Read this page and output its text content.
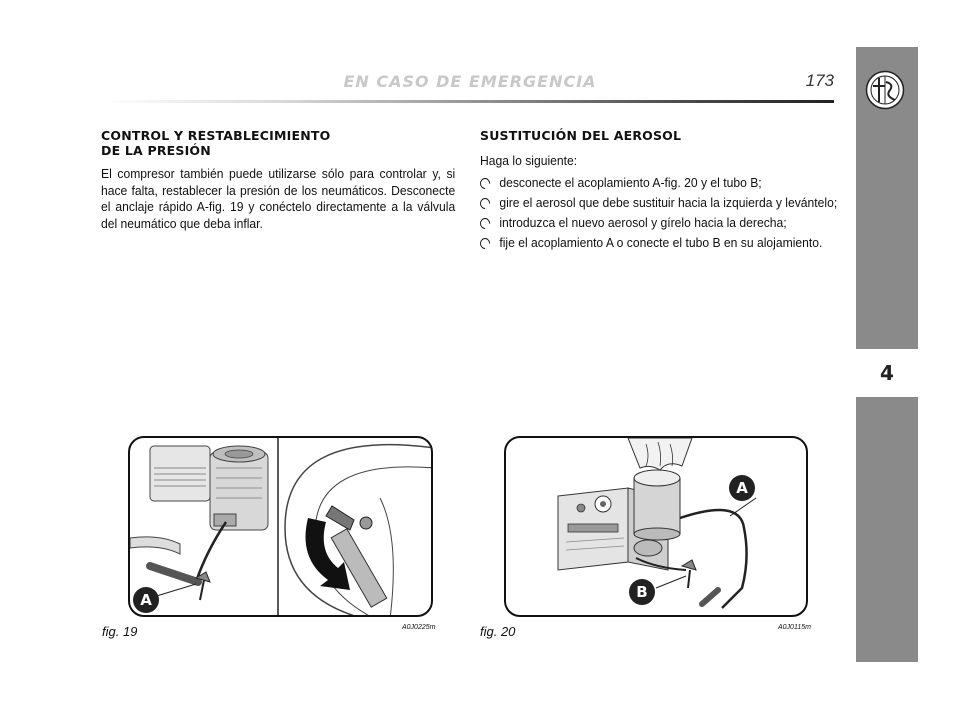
EN CASO DE EMERGENCIA	173
4
CONTROL Y RESTABLECIMIENTO
DE LA PRESIÓN
El compresor también puede utilizarse sólo para controlar y, si hace falta, restablecer la presión de los neumáticos. Desconecte el anclaje rápido A-fig. 19 y conéctelo directamente a la válvula del neumático que deba inflar.
SUSTITUCIÓN DEL AEROSOL
Haga lo siguiente:
desconecte el acoplamiento A-fig. 20 y el tubo B;
gire el aerosol que debe sustituir hacia la izquierda y levántelo;
introduzca el nuevo aerosol y gírelo hacia la derecha;
fije el acoplamiento A o conecte el tubo B en su alojamiento.
A
fig. 19	A0J0225m
A
B
fig. 20	A0J0115m
